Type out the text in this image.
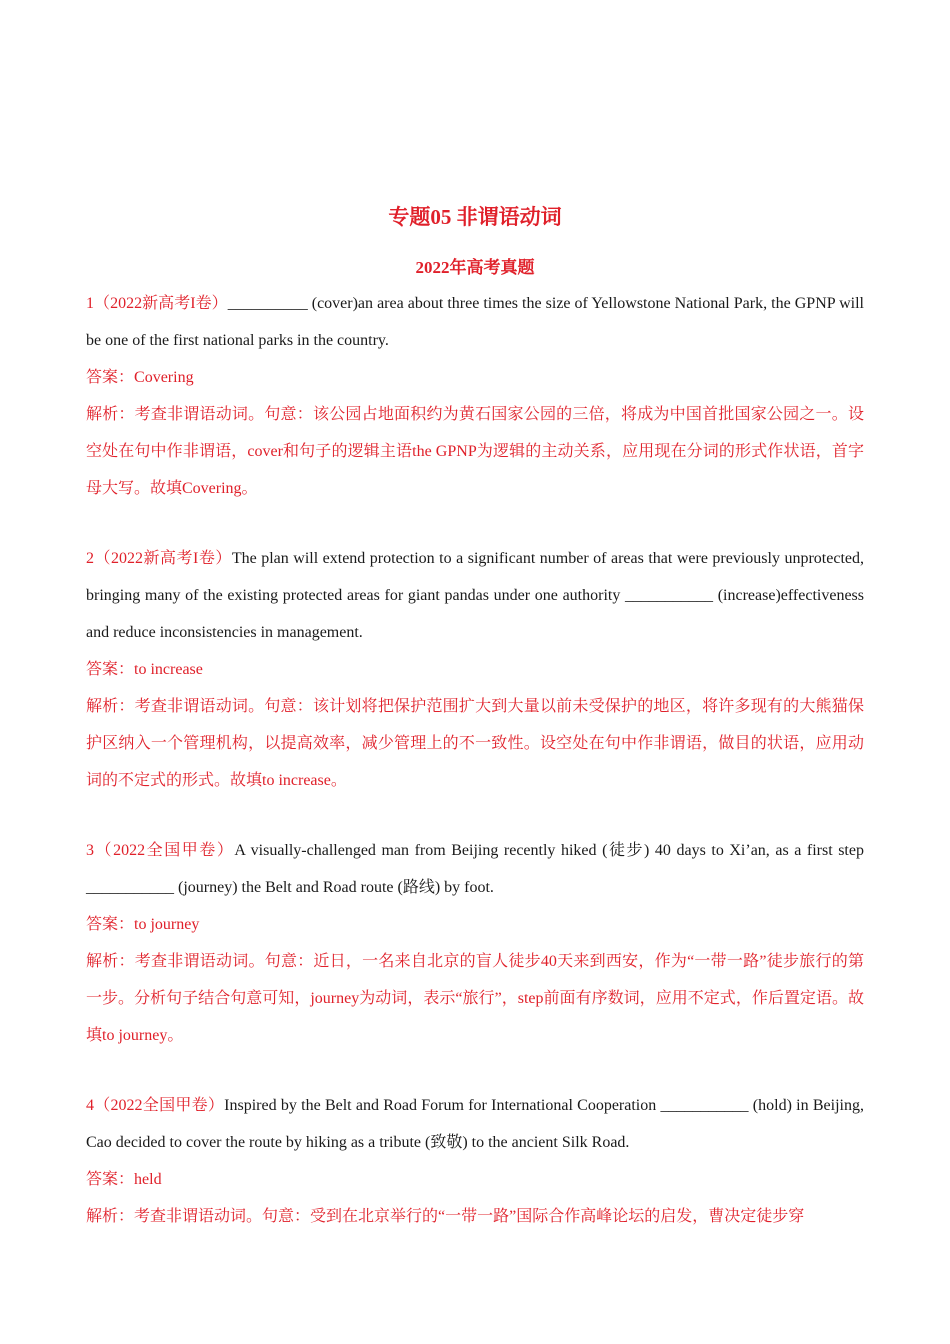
专题05 非谓语动词
2022年高考真题

1（2022新高考I卷）__________ (cover)an area about three times the size of Yellowstone National Park, the GPNP will be one of the first national parks in the country.

答案：Covering

解析：考查非谓语动词。句意：该公园占地面积约为黄石国家公园的三倍，将成为中国首批国家公园之一。设空处在句中作非谓语，cover和句子的逻辑主语the GPNP为逻辑的主动关系，应用现在分词的形式作状语，首字母大写。故填Covering。

2（2022新高考I卷）The plan will extend protection to a significant number of areas that were previously unprotected, bringing many of the existing protected areas for giant pandas under one authority ___________ (increase)effectiveness and reduce inconsistencies in management.

答案：to increase

解析：考查非谓语动词。句意：该计划将把保护范围扩大到大量以前未受保护的地区，将许多现有的大熊猫保护区纳入一个管理机构，以提高效率，减少管理上的不一致性。设空处在句中作非谓语，做目的状语，应用动词的不定式的形式。故填to increase。

3（2022全国甲卷）A visually-challenged man from Beijing recently hiked (徒步) 40 days to Xi’an, as a first step ___________ (journey) the Belt and Road route (路线) by foot.

答案：to journey

解析：考查非谓语动词。句意：近日，一名来自北京的盲人徒步40天来到西安，作为“一带一路”徒步旅行的第一步。分析句子结合句意可知，journey为动词，表示“旅行”，step前面有序数词，应用不定式，作后置定语。故填to journey。

4（2022全国甲卷）Inspired by the Belt and Road Forum for International Cooperation ___________ (hold) in Beijing, Cao decided to cover the route by hiking as a tribute (致敬) to the ancient Silk Road.

答案：held

解析：考查非谓语动词。句意：受到在北京举行的“一带一路”国际合作高峰论坛的启发，曹决定徒步穿
